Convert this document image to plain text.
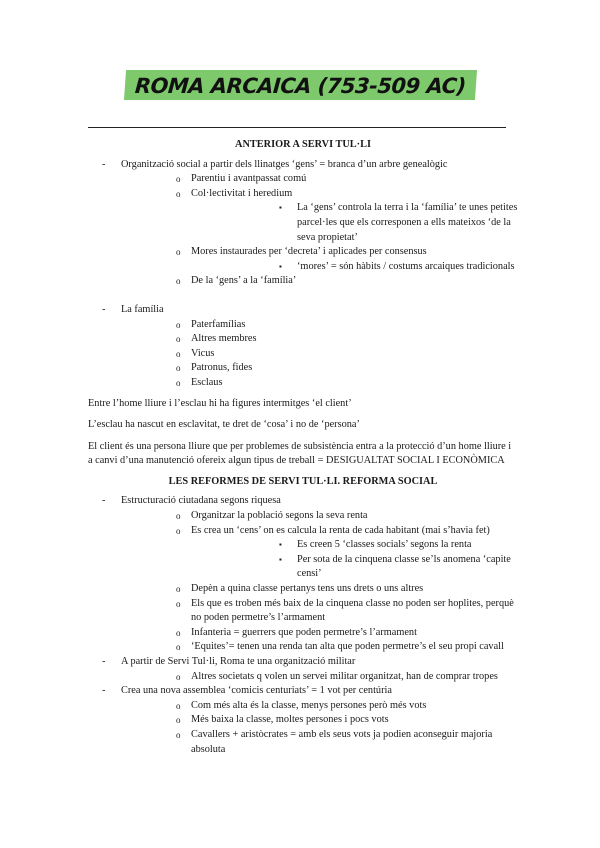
ROMA ARCAICA (753-509 AC)
ANTERIOR A SERVI TUL·LI
- Organització social a partir dels llinatges ‘gens’ = branca d’un arbre genealògic
o Parentiu i avantpassat comú
o Col·lectivitat i heredium
▪ La ‘gens’ controla la terra i la ‘família’ te unes petites parcel·les que els corresponen a ells mateixos ‘de la seva propietat’
o Mores instaurades per ‘decreta’ i aplicades per consensus
▪ ‘mores’ = són hàbits / costums arcaiques tradicionals
o De la ‘gens’ a la ‘família’
- La família
o Paterfamílias
o Altres membres
o Vicus
o Patronus, fides
o Esclaus

Entre l’home lliure i l’esclau hi ha figures intermitges ‘el client’

L’esclau ha nascut en esclavitat, te dret de ‘cosa’ i no de ‘persona’

El client és una persona lliure que per problemes de subsistència entra a la protecció d’un home lliure i a canvi d’una manutenció ofereix algun tipus de treball = DESIGUALTAT SOCIAL I ECONÒMICA

LES REFORMES DE SERVI TUL·LI. REFORMA SOCIAL
- Estructuració ciutadana segons riquesa
o Organitzar la població segons la seva renta
o Es crea un ‘cens’ on es calcula la renta de cada habitant (mai s’havia fet)
▪ Es creen 5 ‘classes socials’ segons la renta
▪ Per sota de la cinquena classe se’ls anomena ‘capite censi’
o Depèn a quina classe pertanys tens uns drets o uns altres
o Els que es troben més baix de la cinquena classe no poden ser hoplites, perquè no poden permetre’s l’armament
o Infanteria = guerrers que poden permetre’s l’armament
o ‘Equites’= tenen una renda tan alta que poden permetre’s el seu propi cavall
- A partir de Servi Tul·li, Roma te una organització militar
o Altres societats q volen un servei militar organitzat, han de comprar tropes
- Crea una nova assemblea ‘comicis centuriats’ = 1 vot per centúria
o Com més alta és la classe, menys persones però més vots
o Més baixa la classe, moltes persones i pocs vots
o Cavallers + aristòcrates = amb els seus vots ja podien aconseguir majoria absoluta
